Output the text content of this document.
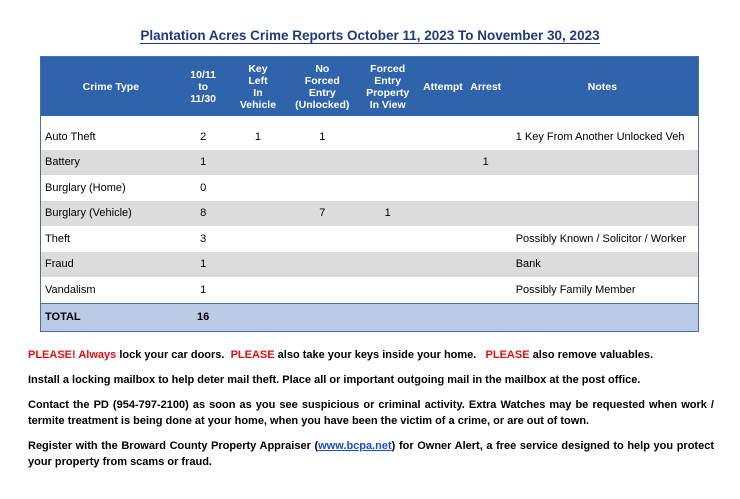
Plantation Acres Crime Reports October 11, 2023 To November 30, 2023
Crime Type	10/11
to
11/30	Key
Left
In
Vehicle	No
Forced
Entry
(Unlocked)	Forced
Entry
Property
In View	Attempt	Arrest	Notes

Auto Theft	2	1	1				1 Key From Another Unlocked Veh
Battery	1					1	
Burglary (Home)	0						
Burglary (Vehicle)	8		7	1			
Theft	3						Possibly Known / Solicitor / Worker
Fraud	1						Bank
Vandalism	1						Possibly Family Member
TOTAL	16						
PLEASE! Always lock your car doors.  PLEASE also take your keys inside your home.   PLEASE also remove valuables.
Install a locking mailbox to help deter mail theft. Place all or important outgoing mail in the mailbox at the post office.
Contact the PD (954-797-2100) as soon as you see suspicious or criminal activity. Extra Watches may be requested when work / termite treatment is being done at your home, when you have been the victim of a crime, or are out of town.
Register with the Broward County Property Appraiser (www.bcpa.net) for Owner Alert, a free service designed to help you protect your property from scams or fraud.
